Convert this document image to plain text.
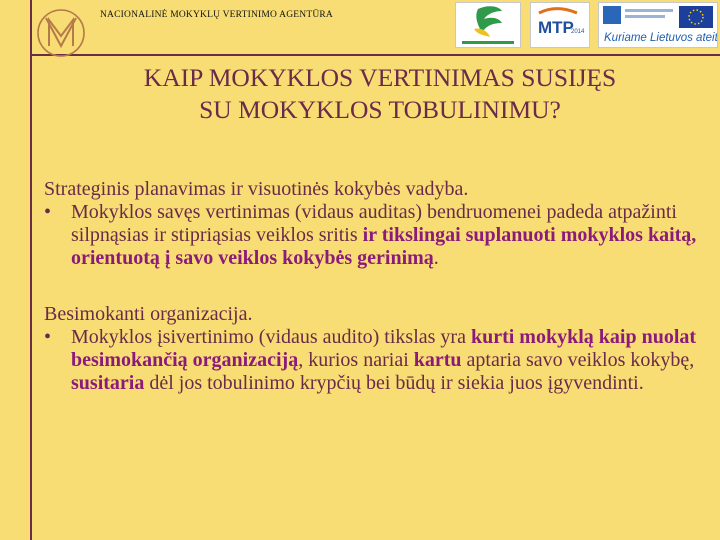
NACIONALINĖ MOKYKLŲ VERTINIMO AGENTŪRA
MTP
2014 Kuriame Lietuvos ateitį
KAIP MOKYKLOS VERTINIMAS SUSIJĘS
SU MOKYKLOS TOBULINIMU?

Strateginis planavimas ir visuotinės kokybės vadyba.

• Mokyklos savęs vertinimas (vidaus auditas) bendruomenei padeda atpažinti silpnąsias ir stipriąsias veiklos sritis ir tikslingai suplanuoti mokyklos kaitą, orientuotą į savo veiklos kokybės gerinimą.

Besimokanti organizacija.

• Mokyklos įsivertinimo (vidaus audito) tikslas yra kurti mokyklą kaip nuolat besimokančią organizaciją, kurios nariai kartu aptaria savo veiklos kokybę, susitaria dėl jos tobulinimo krypčių bei būdų ir siekia juos įgyvendinti.
